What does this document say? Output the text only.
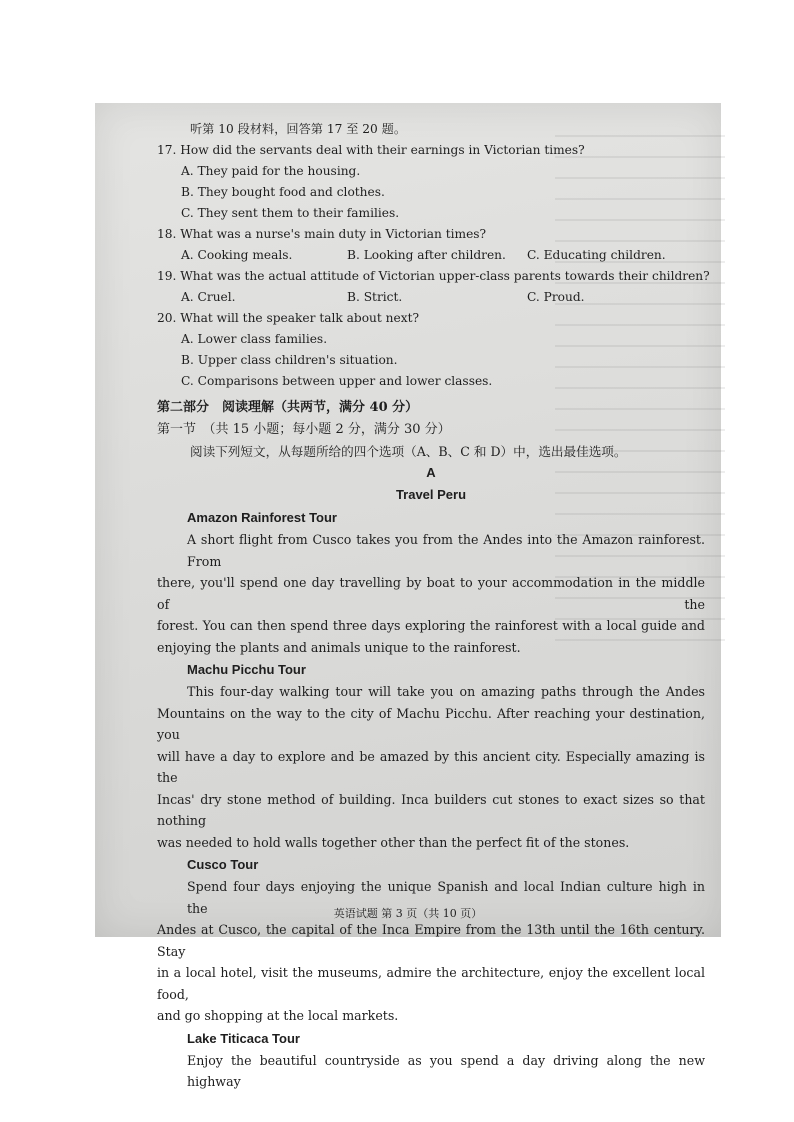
听第 10 段材料，回答第 17 至 20 题。
17. How did the servants deal with their earnings in Victorian times?
A. They paid for the housing.
B. They bought food and clothes.
C. They sent them to their families.
18. What was a nurse's main duty in Victorian times?
A. Cooking meals.	B. Looking after children.	C. Educating children.
19. What was the actual attitude of Victorian upper-class parents towards their children?
A. Cruel.	B. Strict.	C. Proud.
20. What will the speaker talk about next?
A. Lower class families.
B. Upper class children's situation.
C. Comparisons between upper and lower classes.
第二部分　阅读理解（共两节，满分 40 分）
第一节　（共 15 小题；每小题 2 分，满分 30 分）
阅读下列短文，从每题所给的四个选项（A、B、C 和 D）中，选出最佳选项。
A
Travel Peru
Amazon Rainforest Tour
A short flight from Cusco takes you from the Andes into the Amazon rainforest. From
there, you'll spend one day travelling by boat to your accommodation in the middle of the
forest. You can then spend three days exploring the rainforest with a local guide and
enjoying the plants and animals unique to the rainforest.
Machu Picchu Tour
This four-day walking tour will take you on amazing paths through the Andes
Mountains on the way to the city of Machu Picchu. After reaching your destination, you
will have a day to explore and be amazed by this ancient city. Especially amazing is the
Incas' dry stone method of building. Inca builders cut stones to exact sizes so that nothing
was needed to hold walls together other than the perfect fit of the stones.
Cusco Tour
Spend four days enjoying the unique Spanish and local Indian culture high in the
Andes at Cusco, the capital of the Inca Empire from the 13th until the 16th century. Stay
in a local hotel, visit the museums, admire the architecture, enjoy the excellent local food,
and go shopping at the local markets.
Lake Titicaca Tour
Enjoy the beautiful countryside as you spend a day driving along the new highway
英语试题 第 3 页（共 10 页）
